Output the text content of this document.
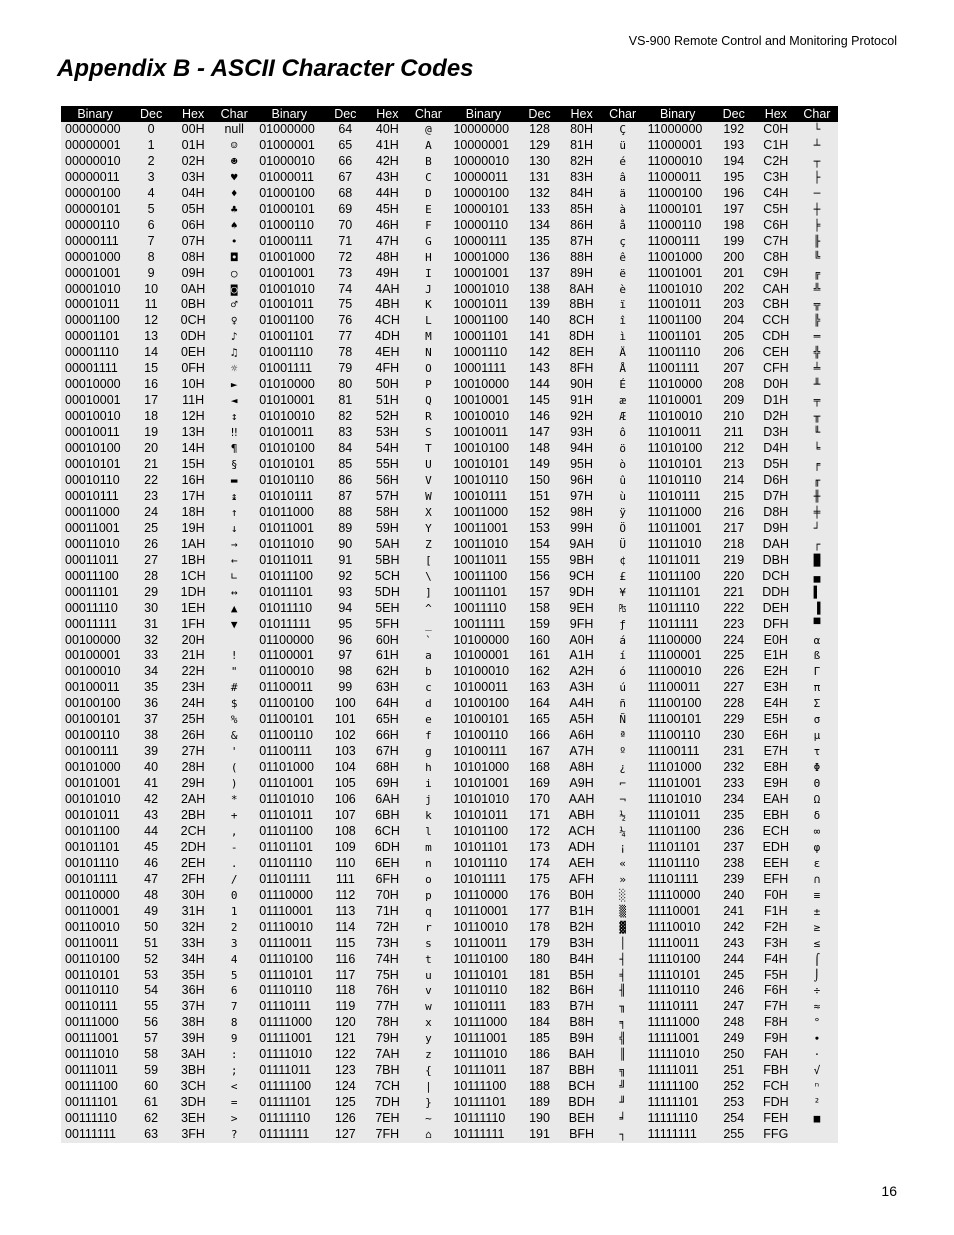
VS-900 Remote Control and Monitoring Protocol
Appendix B - ASCII Character Codes
Binary	Dec	Hex	Char	Binary	Dec	Hex	Char	Binary	Dec	Hex	Char	Binary	Dec	Hex	Char
00000000	0	00H	null	01000000	64	40H	@	10000000	128	80H	Ç	11000000	192	C0H	└
00000001	1	01H	☺	01000001	65	41H	A	10000001	129	81H	ü	11000001	193	C1H	┴
00000010	2	02H	☻	01000010	66	42H	B	10000010	130	82H	é	11000010	194	C2H	┬
00000011	3	03H	♥	01000011	67	43H	C	10000011	131	83H	â	11000011	195	C3H	├
00000100	4	04H	♦	01000100	68	44H	D	10000100	132	84H	ä	11000100	196	C4H	─
00000101	5	05H	♣	01000101	69	45H	E	10000101	133	85H	à	11000101	197	C5H	┼
00000110	6	06H	♠	01000110	70	46H	F	10000110	134	86H	å	11000110	198	C6H	╞
00000111	7	07H	•	01000111	71	47H	G	10000111	135	87H	ç	11000111	199	C7H	╟
00001000	8	08H	◘	01001000	72	48H	H	10001000	136	88H	ê	11001000	200	C8H	╚
00001001	9	09H	○	01001001	73	49H	I	10001001	137	89H	ë	11001001	201	C9H	╔
00001010	10	0AH	◙	01001010	74	4AH	J	10001010	138	8AH	è	11001010	202	CAH	╩
00001011	11	0BH	♂	01001011	75	4BH	K	10001011	139	8BH	ï	11001011	203	CBH	╦
00001100	12	0CH	♀	01001100	76	4CH	L	10001100	140	8CH	î	11001100	204	CCH	╠
00001101	13	0DH	♪	01001101	77	4DH	M	10001101	141	8DH	ì	11001101	205	CDH	═
00001110	14	0EH	♫	01001110	78	4EH	N	10001110	142	8EH	Ä	11001110	206	CEH	╬
00001111	15	0FH	☼	01001111	79	4FH	O	10001111	143	8FH	Å	11001111	207	CFH	╧
00010000	16	10H	►	01010000	80	50H	P	10010000	144	90H	É	11010000	208	D0H	╨
00010001	17	11H	◄	01010001	81	51H	Q	10010001	145	91H	æ	11010001	209	D1H	╤
00010010	18	12H	↕	01010010	82	52H	R	10010010	146	92H	Æ	11010010	210	D2H	╥
00010011	19	13H	‼	01010011	83	53H	S	10010011	147	93H	ô	11010011	211	D3H	╙
00010100	20	14H	¶	01010100	84	54H	T	10010100	148	94H	ö	11010100	212	D4H	╘
00010101	21	15H	§	01010101	85	55H	U	10010101	149	95H	ò	11010101	213	D5H	╒
00010110	22	16H	▬	01010110	86	56H	V	10010110	150	96H	û	11010110	214	D6H	╓
00010111	23	17H	↨	01010111	87	57H	W	10010111	151	97H	ù	11010111	215	D7H	╫
00011000	24	18H	↑	01011000	88	58H	X	10011000	152	98H	ÿ	11011000	216	D8H	╪
00011001	25	19H	↓	01011001	89	59H	Y	10011001	153	99H	Ö	11011001	217	D9H	┘
00011010	26	1AH	→	01011010	90	5AH	Z	10011010	154	9AH	Ü	11011010	218	DAH	┌
00011011	27	1BH	←	01011011	91	5BH	[	10011011	155	9BH	¢	11011011	219	DBH	█
00011100	28	1CH	∟	01011100	92	5CH	\	10011100	156	9CH	£	11011100	220	DCH	▄
00011101	29	1DH	↔	01011101	93	5DH	]	10011101	157	9DH	¥	11011101	221	DDH	▌
00011110	30	1EH	▲	01011110	94	5EH	^	10011110	158	9EH	₧	11011110	222	DEH	▐
00011111	31	1FH	▼	01011111	95	5FH	_	10011111	159	9FH	ƒ	11011111	223	DFH	▀
00100000	32	20H		01100000	96	60H	`	10100000	160	A0H	á	11100000	224	E0H	α
00100001	33	21H	!	01100001	97	61H	a	10100001	161	A1H	í	11100001	225	E1H	ß
00100010	34	22H	"	01100010	98	62H	b	10100010	162	A2H	ó	11100010	226	E2H	Γ
00100011	35	23H	#	01100011	99	63H	c	10100011	163	A3H	ú	11100011	227	E3H	π
00100100	36	24H	$	01100100	100	64H	d	10100100	164	A4H	ñ	11100100	228	E4H	Σ
00100101	37	25H	%	01100101	101	65H	e	10100101	165	A5H	Ñ	11100101	229	E5H	σ
00100110	38	26H	&	01100110	102	66H	f	10100110	166	A6H	ª	11100110	230	E6H	µ
00100111	39	27H	'	01100111	103	67H	g	10100111	167	A7H	º	11100111	231	E7H	τ
00101000	40	28H	(	01101000	104	68H	h	10101000	168	A8H	¿	11101000	232	E8H	Φ
00101001	41	29H	)	01101001	105	69H	i	10101001	169	A9H	⌐	11101001	233	E9H	Θ
00101010	42	2AH	*	01101010	106	6AH	j	10101010	170	AAH	¬	11101010	234	EAH	Ω
00101011	43	2BH	+	01101011	107	6BH	k	10101011	171	ABH	½	11101011	235	EBH	δ
00101100	44	2CH	,	01101100	108	6CH	l	10101100	172	ACH	¼	11101100	236	ECH	∞
00101101	45	2DH	-	01101101	109	6DH	m	10101101	173	ADH	¡	11101101	237	EDH	φ
00101110	46	2EH	.	01101110	110	6EH	n	10101110	174	AEH	«	11101110	238	EEH	ε
00101111	47	2FH	/	01101111	111	6FH	o	10101111	175	AFH	»	11101111	239	EFH	∩
00110000	48	30H	0	01110000	112	70H	p	10110000	176	B0H	░	11110000	240	F0H	≡
00110001	49	31H	1	01110001	113	71H	q	10110001	177	B1H	▒	11110001	241	F1H	±
00110010	50	32H	2	01110010	114	72H	r	10110010	178	B2H	▓	11110010	242	F2H	≥
00110011	51	33H	3	01110011	115	73H	s	10110011	179	B3H	│	11110011	243	F3H	≤
00110100	52	34H	4	01110100	116	74H	t	10110100	180	B4H	┤	11110100	244	F4H	⌠
00110101	53	35H	5	01110101	117	75H	u	10110101	181	B5H	╡	11110101	245	F5H	⌡
00110110	54	36H	6	01110110	118	76H	v	10110110	182	B6H	╢	11110110	246	F6H	÷
00110111	55	37H	7	01110111	119	77H	w	10110111	183	B7H	╖	11110111	247	F7H	≈
00111000	56	38H	8	01111000	120	78H	x	10111000	184	B8H	╕	11111000	248	F8H	°
00111001	57	39H	9	01111001	121	79H	y	10111001	185	B9H	╣	11111001	249	F9H	∙
00111010	58	3AH	:	01111010	122	7AH	z	10111010	186	BAH	║	11111010	250	FAH	·
00111011	59	3BH	;	01111011	123	7BH	{	10111011	187	BBH	╗	11111011	251	FBH	√
00111100	60	3CH	<	01111100	124	7CH	|	10111100	188	BCH	╝	11111100	252	FCH	ⁿ
00111101	61	3DH	=	01111101	125	7DH	}	10111101	189	BDH	╜	11111101	253	FDH	²
00111110	62	3EH	>	01111110	126	7EH	~	10111110	190	BEH	╛	11111110	254	FEH	■
00111111	63	3FH	?	01111111	127	7FH	⌂	10111111	191	BFH	┐	11111111	255	FFG	
16
